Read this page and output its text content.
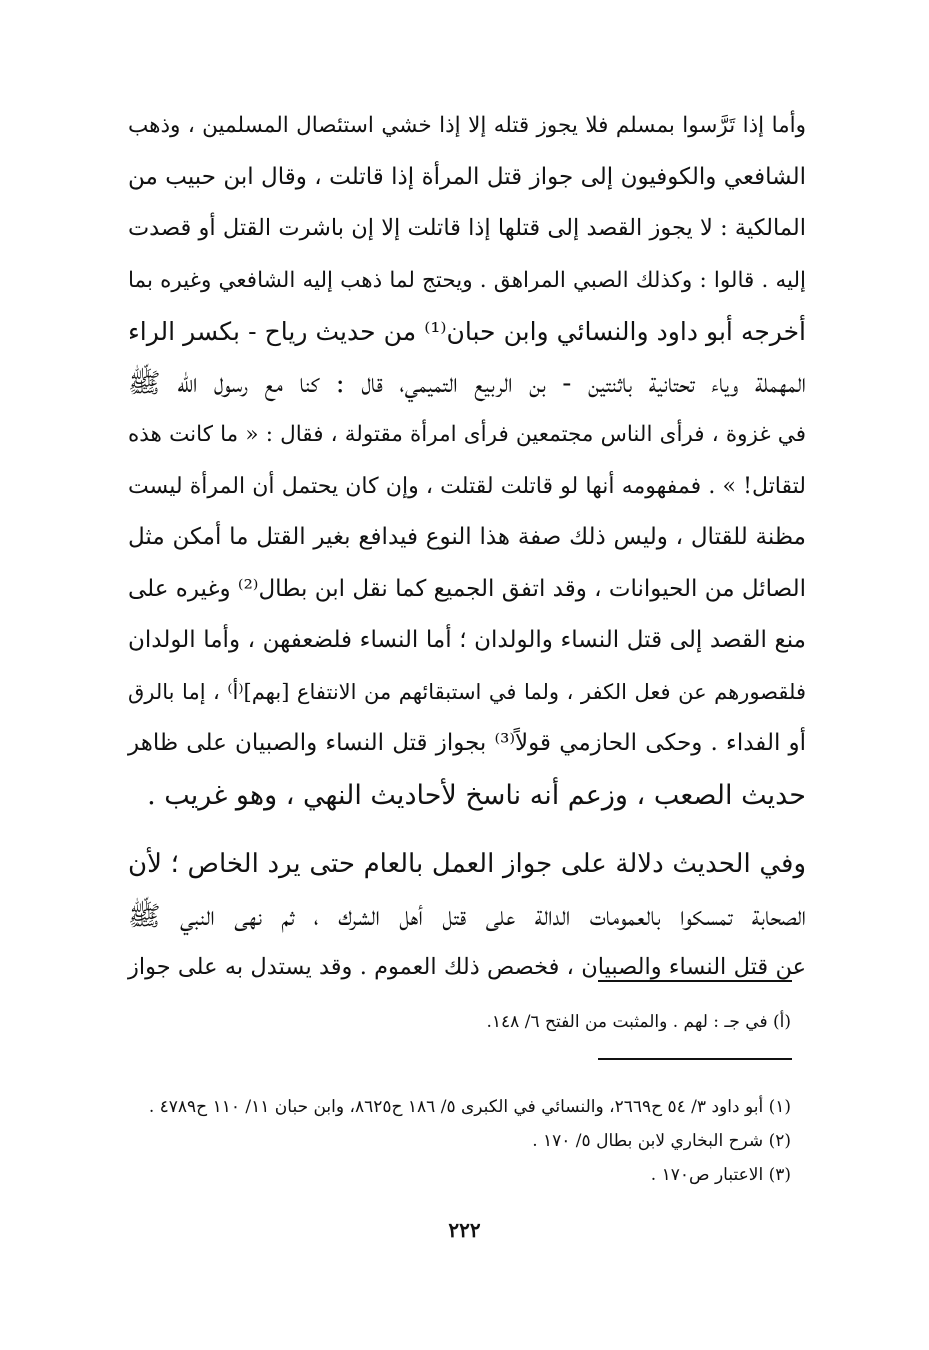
وأما إذا تَرَّسوا بمسلم فلا يجوز قتله إلا إذا خشي استئصال المسلمين ، وذهب
الشافعي والكوفيون إلى جواز قتل المرأة إذا قاتلت ، وقال ابن حبيب من
المالكية : لا يجوز القصد إلى قتلها إذا قاتلت إلا إن باشرت القتل أو قصدت
إليه . قالوا : وكذلك الصبي المراهق . ويحتج لما ذهب إليه الشافعي وغيره بما
أخرجه أبو داود والنسائي وابن حبان⁽¹⁾ من حديث رياح - بكسر الراء
المهملة وياء تحتانية باثنتين - بن الربيع التميمي، قال : كنا مع رسول الله ﷺ
في غزوة ، فرأى الناس مجتمعين فرأى امرأة مقتولة ، فقال : « ما كانت هذه
لتقاتل! » . فمفهومه أنها لو قاتلت لقتلت ، وإن كان يحتمل أن المرأة ليست
مظنة للقتال ، وليس ذلك صفة هذا النوع فيدافع بغير القتل ما أمكن مثل
الصائل من الحيوانات ، وقد اتفق الجميع كما نقل ابن بطال⁽²⁾ وغيره على
منع القصد إلى قتل النساء والولدان ؛ أما النساء فلضعفهن ، وأما الولدان
فلقصورهم عن فعل الكفر ، ولما في استبقائهم من الانتفاع [بهم]⁽أ⁾ ، إما بالرق
أو الفداء . وحكى الحازمي قولاً⁽³⁾ بجواز قتل النساء والصبيان على ظاهر
حديث الصعب ، وزعم أنه ناسخ لأحاديث النهي ، وهو غريب .
وفي الحديث دلالة على جواز العمل بالعام حتى يرد الخاص ؛ لأن
الصحابة تمسكوا بالعمومات الدالة على قتل أهل الشرك ، ثم نهى النبي ﷺ
عن قتل النساء والصبيان ، فخصص ذلك العموم . وقد يستدل به على جواز
(أ) في جـ : لهم . والمثبت من الفتح ٦/ ١٤٨.
(١) أبو داود ٣/ ٥٤ ح٢٦٦٩، والنسائي في الكبرى ٥/ ١٨٦ ح٨٦٢٥، وابن حبان ١١/ ١١٠ ح٤٧٨٩ .
(٢) شرح البخاري لابن بطال ٥/ ١٧٠ .
(٣) الاعتبار ص١٧٠ .
٢٢٢
